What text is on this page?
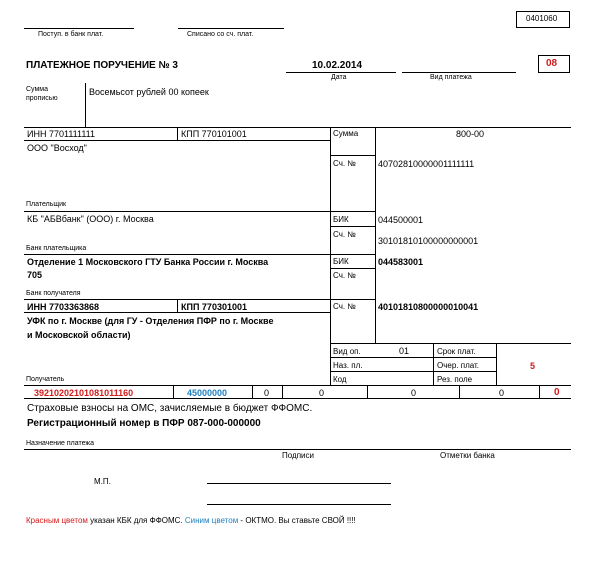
0401060
Поступ. в банк плат.	Списано со сч. плат.
ПЛАТЕЖНОЕ ПОРУЧЕНИЕ № 3	10.02.2014
Дата	Вид платежа
08
Сумма
прописью
Восемьсот рублей 00 копеек
ИНН 7701111111	КПП 770101001	Сумма	800-00
ООО "Восход"
Сч. № 40702810000001111111
Плательщик
КБ "АБВбанк" (ООО) г. Москва	БИК	044500001
Сч. №
30101810100000000001
Банк плательщика
Отделение 1 Московского ГТУ Банка России г. Москва
705
БИК	044583001
Сч. №
Банк получателя
ИНН 7703363868	КПП 770301001	Сч. № 40101810800000010041
УФК по г. Москве (для ГУ - Отделения ПФР по г. Москве
и Московской области)
Вид оп.	01	Срок плат.
Наз. пл.	Очер. плат.	5
Код	Рез. поле
Получатель
39210202101081011160	45000000	0	0	0	0	0
Страховые взносы на ОМС, зачисляемые в бюджет ФФОМС.
Регистрационный номер в ПФР 087-000-000000
Назначение платежа
Подписи	Отметки банка
М.П.
Красным цветом указан КБК для ФФОМС. Синим цветом - ОКТМО. Вы ставьте СВОЙ !!!!
